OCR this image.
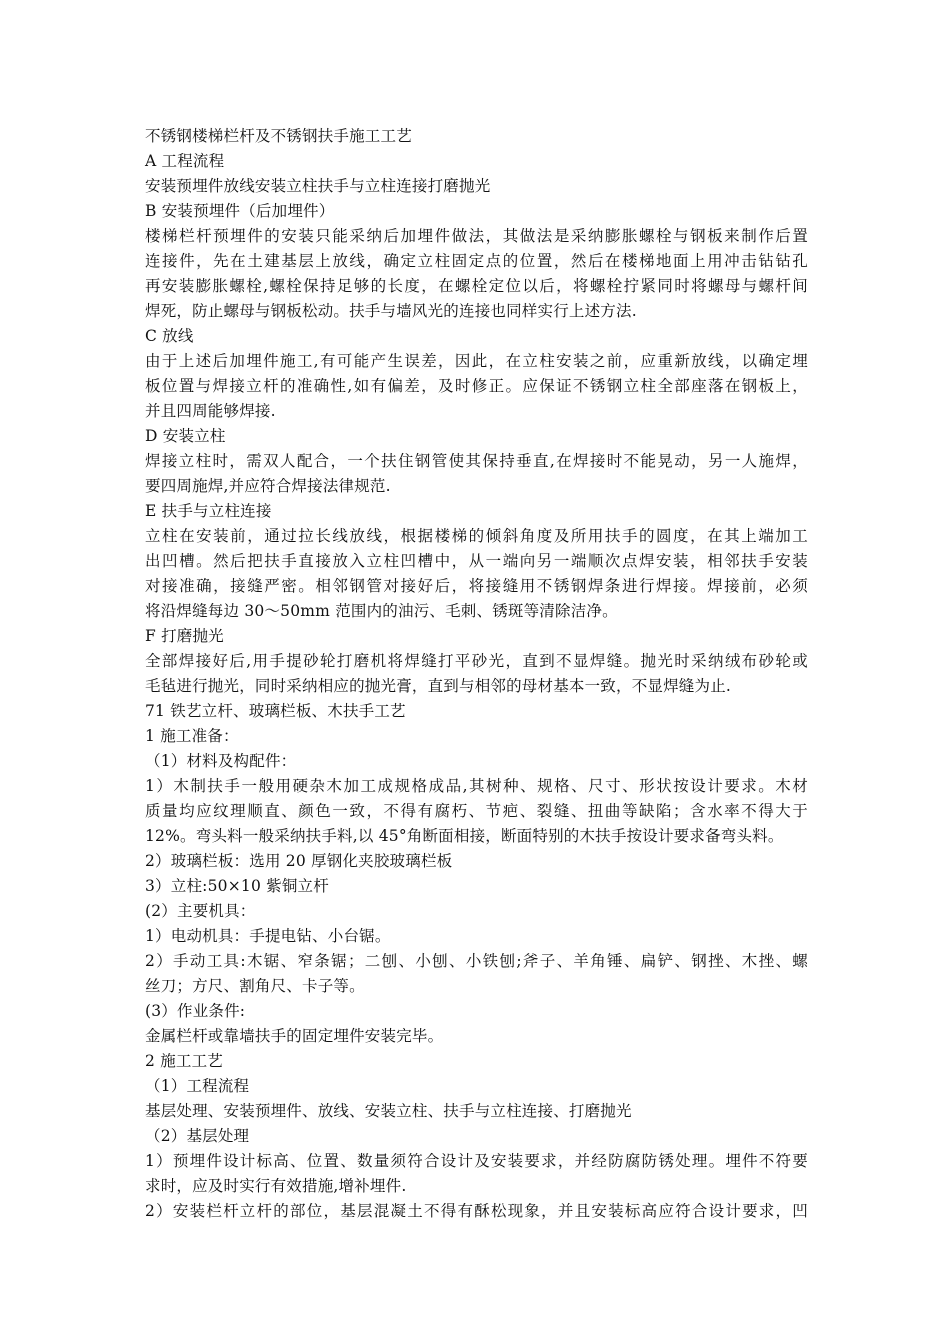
不锈钢楼梯栏杆及不锈钢扶手施工工艺
A 工程流程
安装预埋件放线安装立柱扶手与立柱连接打磨抛光
B 安装预埋件（后加埋件）
楼梯栏杆预埋件的安装只能采纳后加埋件做法，其做法是采纳膨胀螺栓与钢板来制作后置
连接件，先在土建基层上放线，确定立柱固定点的位置，然后在楼梯地面上用冲击钻钻孔
再安装膨胀螺栓,螺栓保持足够的长度，在螺栓定位以后，将螺栓拧紧同时将螺母与螺杆间
焊死，防止螺母与钢板松动。扶手与墙风光的连接也同样实行上述方法.
C 放线
由于上述后加埋件施工,有可能产生误差，因此，在立柱安装之前，应重新放线，以确定埋
板位置与焊接立杆的准确性,如有偏差，及时修正。应保证不锈钢立柱全部座落在钢板上，
并且四周能够焊接.
D 安装立柱
焊接立柱时，需双人配合，一个扶住钢管使其保持垂直,在焊接时不能晃动，另一人施焊，
要四周施焊,并应符合焊接法律规范.
E 扶手与立柱连接
立柱在安装前，通过拉长线放线，根据楼梯的倾斜角度及所用扶手的圆度，在其上端加工
出凹槽。然后把扶手直接放入立柱凹槽中，从一端向另一端顺次点焊安装，相邻扶手安装
对接准确，接缝严密。相邻钢管对接好后，将接缝用不锈钢焊条进行焊接。焊接前，必须
将沿焊缝每边 30～50mm 范围内的油污、毛刺、锈斑等清除洁净。
F 打磨抛光
全部焊接好后,用手提砂轮打磨机将焊缝打平砂光，直到不显焊缝。抛光时采纳绒布砂轮或
毛毡进行抛光，同时采纳相应的抛光膏，直到与相邻的母材基本一致，不显焊缝为止.
71 铁艺立杆、玻璃栏板、木扶手工艺
1 施工准备：
（1）材料及构配件：
1）木制扶手一般用硬杂木加工成规格成品,其树种、规格、尺寸、形状按设计要求。木材
质量均应纹理顺直、颜色一致，不得有腐朽、节疤、裂缝、扭曲等缺陷；含水率不得大于
12%。弯头料一般采纳扶手料,以 45°角断面相接，断面特别的木扶手按设计要求备弯头料。
2）玻璃栏板：选用 20 厚钢化夹胶玻璃栏板
3）立柱:50×10 紫铜立杆
(2）主要机具：
1）电动机具：手提电钻、小台锯。
2）手动工具:木锯、窄条锯；二刨、小刨、小铁刨;斧子、羊角锤、扁铲、钢挫、木挫、螺
丝刀；方尺、割角尺、卡子等。
(3）作业条件:
金属栏杆或靠墙扶手的固定埋件安装完毕。
2 施工工艺
（1）工程流程
基层处理、安装预埋件、放线、安装立柱、扶手与立柱连接、打磨抛光
（2）基层处理
1）预埋件设计标高、位置、数量须符合设计及安装要求，并经防腐防锈处理。埋件不符要
求时，应及时实行有效措施,增补埋件.
2）安装栏杆立杆的部位，基层混凝土不得有酥松现象，并且安装标高应符合设计要求，凹
